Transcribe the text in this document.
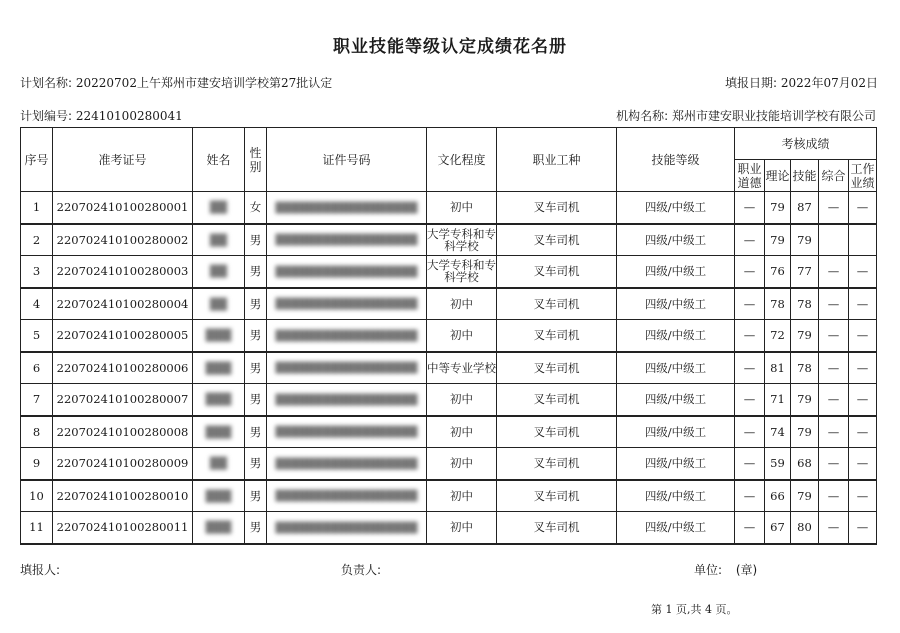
职业技能等级认定成绩花名册
计划名称: 20220702上午郑州市建安培训学校第27批认定	填报日期: 2022年07月02日
计划编号: 22410100280041	机构名称: 郑州市建安职业技能培训学校有限公司
序号	准考证号	姓名	性别	证件号码	文化程度	职业工种	技能等级	考核成绩				
								职业道德	理论	技能	综合	工作业绩
1	220702410100280001	██	女	██████████████████	初中	叉车司机	四级/中级工	—	79	87	—	—
2	220702410100280002	██	男	██████████████████	大学专科和专科学校	叉车司机	四级/中级工	—	79	79		
3	220702410100280003	██	男	██████████████████	大学专科和专科学校	叉车司机	四级/中级工	—	76	77	—	—
4	220702410100280004	██	男	██████████████████	初中	叉车司机	四级/中级工	—	78	78	—	—
5	220702410100280005	███	男	██████████████████	初中	叉车司机	四级/中级工	—	72	79	—	—
6	220702410100280006	███	男	██████████████████	中等专业学校	叉车司机	四级/中级工	—	81	78	—	—
7	220702410100280007	███	男	██████████████████	初中	叉车司机	四级/中级工	—	71	79	—	—
8	220702410100280008	███	男	██████████████████	初中	叉车司机	四级/中级工	—	74	79	—	—
9	220702410100280009	██	男	██████████████████	初中	叉车司机	四级/中级工	—	59	68	—	—
10	220702410100280010	███	男	██████████████████	初中	叉车司机	四级/中级工	—	66	79	—	—
11	220702410100280011	███	男	██████████████████	初中	叉车司机	四级/中级工	—	67	80	—	—
填报人:	负责人:	单位: (章)
第 1 页,共 4 页。
